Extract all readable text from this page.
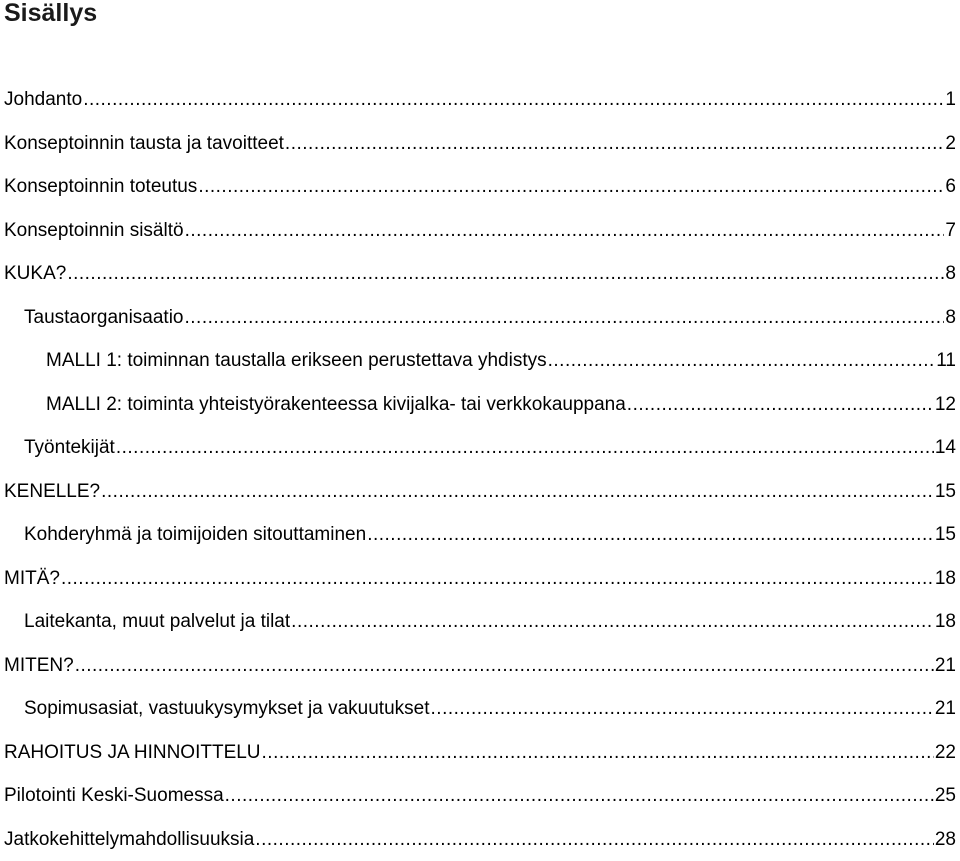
Sisällys
Johdanto .....	1
Konseptoinnin tausta ja tavoitteet .....	2
Konseptoinnin toteutus .....	6
Konseptoinnin sisältö .....	7
KUKA? .....	8
Taustaorganisaatio .....	8
MALLI 1: toiminnan taustalla erikseen perustettava yhdistys .....	11
MALLI 2: toiminta yhteistyörakenteessa kivijalka- tai verkkokauppana .....	12
Työntekijät .....	14
KENELLE? .....	15
Kohderyhmä ja toimijoiden sitouttaminen .....	15
MITÄ? .....	18
Laitekanta, muut palvelut ja tilat .....	18
MITEN? .....	21
Sopimusasiat, vastuukysymykset ja vakuutukset .....	21
RAHOITUS JA HINNOITTELU .....	22
Pilotointi Keski-Suomessa .....	25
Jatkokehittelymahdollisuuksia .....	28
